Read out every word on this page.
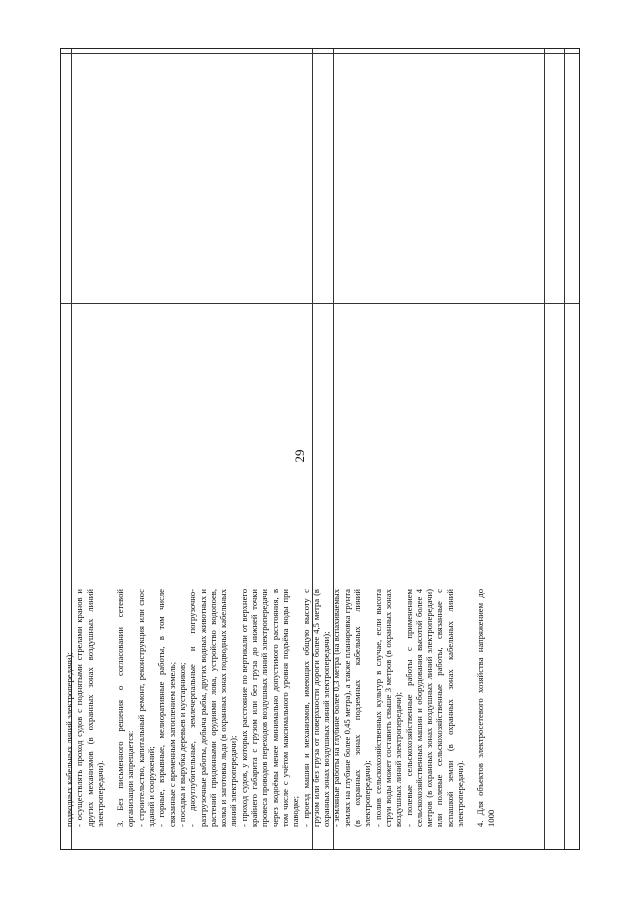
29

подводных кабельных линий электропередачи); - осуществлять проход судов с поднятыми стрелами кранов и других механизмов (в охранных зонах воздушных линий электропередачи). 3. Без письменного решения о согласовании сетевой организации запрещается: - строительство, капитальный ремонт, реконструкция или снос зданий и сооружений; - горные, взрывные, мелиоративные работы, в том числе связанные с временным затоплением земель; - посадка и вырубка деревьев и кустарников; - дноуглубительные, землечерпальные и погрузочно-разгрузочные работы, добыча рыбы, других водных животных и растений придонными орудиями лова, устройство водопоев, колка и заготовка льда (в охранных зонах подводных кабельных линий электропередачи); - проход судов, у которых расстояние по вертикали от верхнего крайнего габарита с грузом или без груза до нижней точки провеса проводов переходов воздушных линий электропередачи через водоёмы менее минимально допустимого расстояния, в том числе с учётом максимального уровня подъёма воды при паводке; - проезд машин и механизмов, имеющих общую высоту с грузом или без груза от поверхности дороги более 4,5 метра (в охранных зонах воздушных линий электропередачи); - земляные работы на глубине более 0,3 метра (на вспахиваемых землях на глубине более 0,45 метра), а также планировка грунта (в охранных зонах подземных кабельных линий электропередачи); - полив сельскохозяйственных культур в случае, если высота струи воды может составить свыше 3 метров (в охранных зонах воздушных линий электропередачи); - полевые сельскохозяйственные работы с применением сельскохозяйственных машин и оборудования высотой более 4 метров (в охранных зонах воздушных линий электропередачи) или полевые сельскохозяйственные работы, связанные с вспашкой земли (в охранных зонах кабельных линий электропередачи). 4. Для объектов электросетевого хозяйства напряжением до 1000
